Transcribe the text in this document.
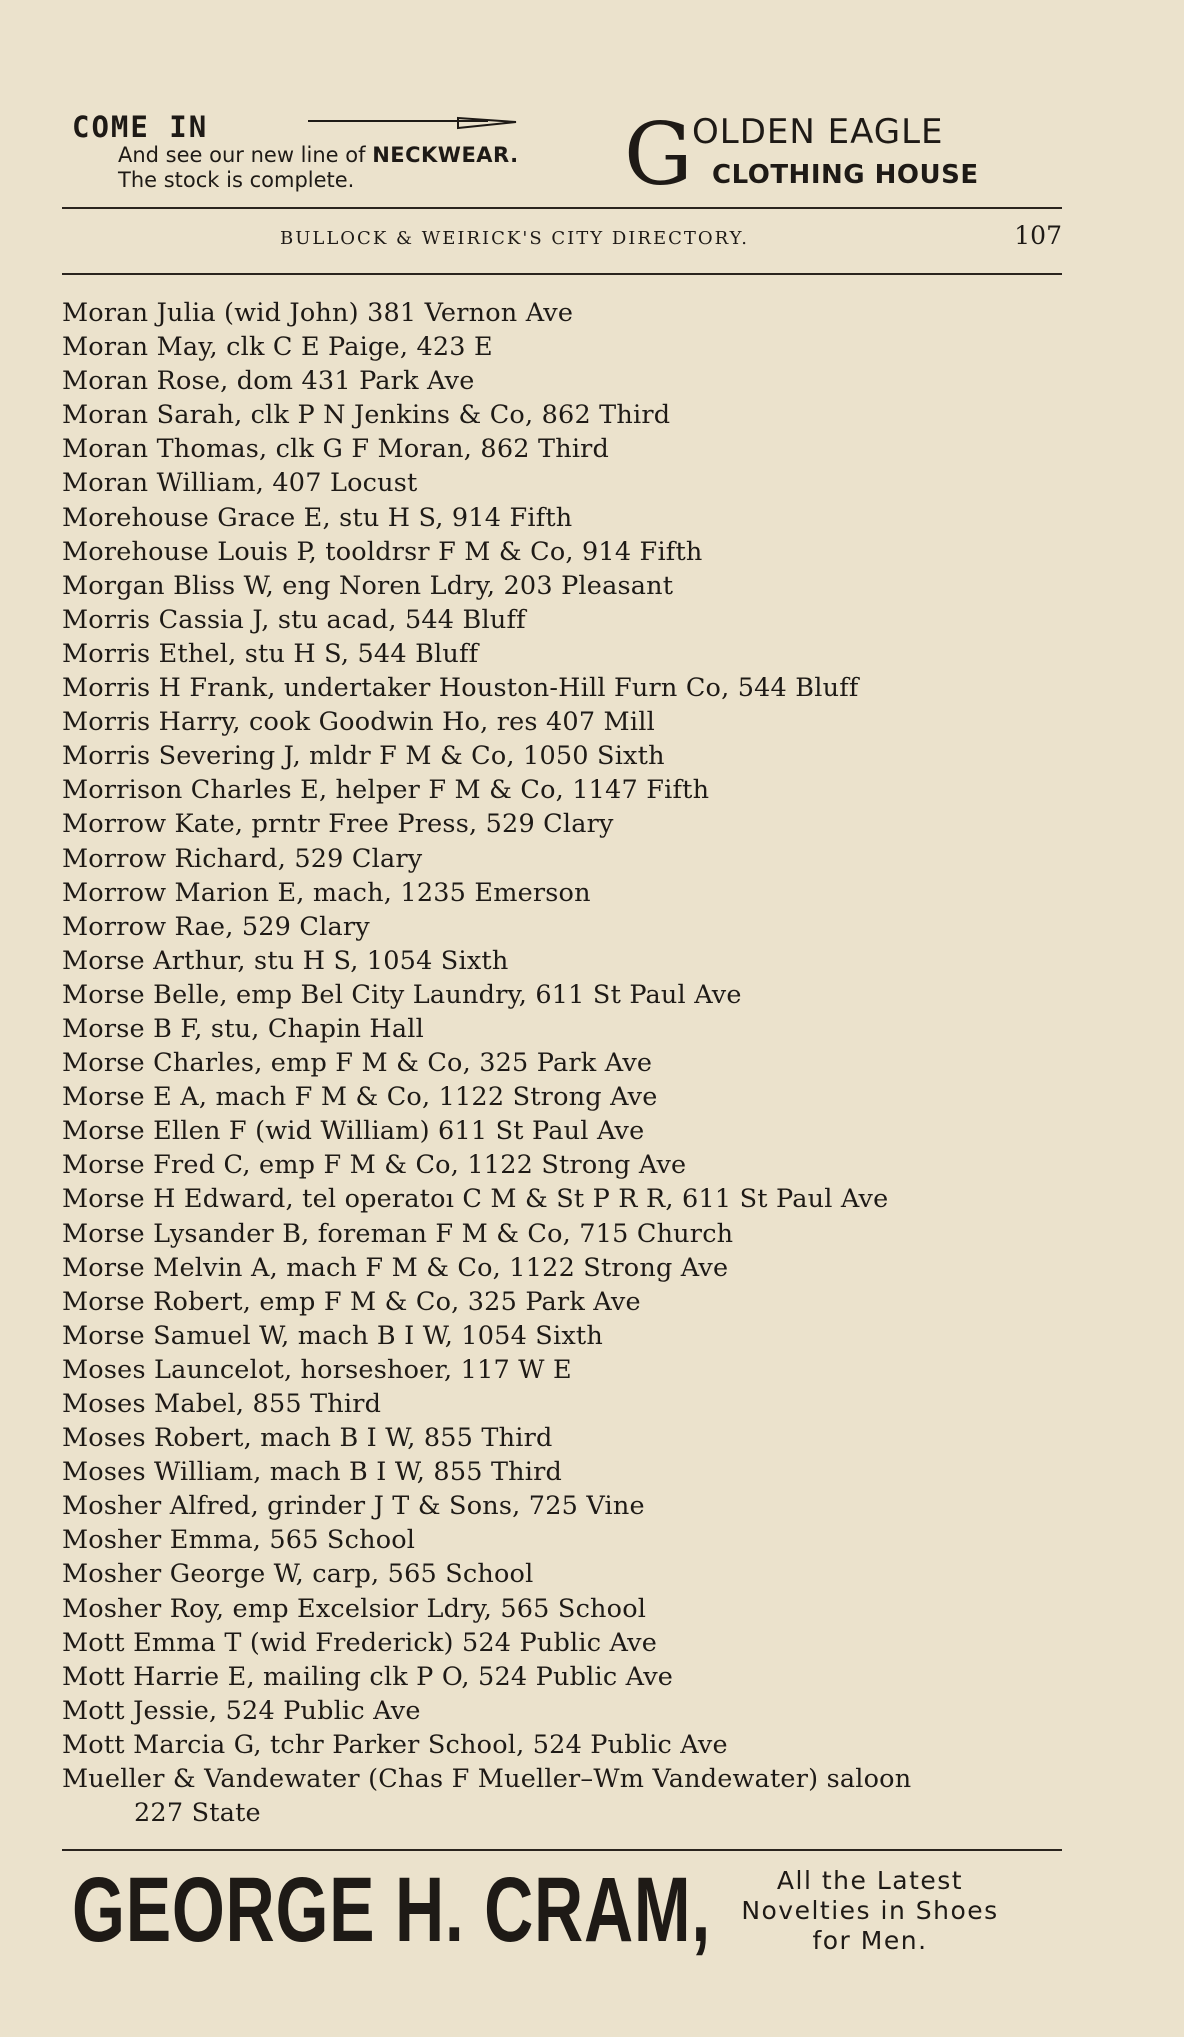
COME IN
And see our new line of NECKWEAR.
The stock is complete.	G OLDEN EAGLE
CLOTHING HOUSE
BULLOCK & WEIRICK'S CITY DIRECTORY.	107
Moran Julia (wid John) 381 Vernon Ave
Moran May, clk C E Paige, 423 E
Moran Rose, dom 431 Park Ave
Moran Sarah, clk P N Jenkins & Co, 862 Third
Moran Thomas, clk G F Moran, 862 Third
Moran William, 407 Locust
Morehouse Grace E, stu H S, 914 Fifth
Morehouse Louis P, tooldrsr F M & Co, 914 Fifth
Morgan Bliss W, eng Noren Ldry, 203 Pleasant
Morris Cassia J, stu acad, 544 Bluff
Morris Ethel, stu H S, 544 Bluff
Morris H Frank, undertaker Houston-Hill Furn Co, 544 Bluff
Morris Harry, cook Goodwin Ho, res 407 Mill
Morris Severing J, mldr F M & Co, 1050 Sixth
Morrison Charles E, helper F M & Co, 1147 Fifth
Morrow Kate, prntr Free Press, 529 Clary
Morrow Richard, 529 Clary
Morrow Marion E, mach, 1235 Emerson
Morrow Rae, 529 Clary
Morse Arthur, stu H S, 1054 Sixth
Morse Belle, emp Bel City Laundry, 611 St Paul Ave
Morse B F, stu, Chapin Hall
Morse Charles, emp F M & Co, 325 Park Ave
Morse E A, mach F M & Co, 1122 Strong Ave
Morse Ellen F (wid William) 611 St Paul Ave
Morse Fred C, emp F M & Co, 1122 Strong Ave
Morse H Edward, tel operatoı C M & St P R R, 611 St Paul Ave
Morse Lysander B, foreman F M & Co, 715 Church
Morse Melvin A, mach F M & Co, 1122 Strong Ave
Morse Robert, emp F M & Co, 325 Park Ave
Morse Samuel W, mach B I W, 1054 Sixth
Moses Launcelot, horseshoer, 117 W E
Moses Mabel, 855 Third
Moses Robert, mach B I W, 855 Third
Moses William, mach B I W, 855 Third
Mosher Alfred, grinder J T & Sons, 725 Vine
Mosher Emma, 565 School
Mosher George W, carp, 565 School
Mosher Roy, emp Excelsior Ldry, 565 School
Mott Emma T (wid Frederick) 524 Public Ave
Mott Harrie E, mailing clk P O, 524 Public Ave
Mott Jessie, 524 Public Ave
Mott Marcia G, tchr Parker School, 524 Public Ave
Mueller & Vandewater (Chas F Mueller–Wm Vandewater) saloon
227 State
GEORGE H. CRAM,	All the Latest
Novelties in Shoes
for Men.
